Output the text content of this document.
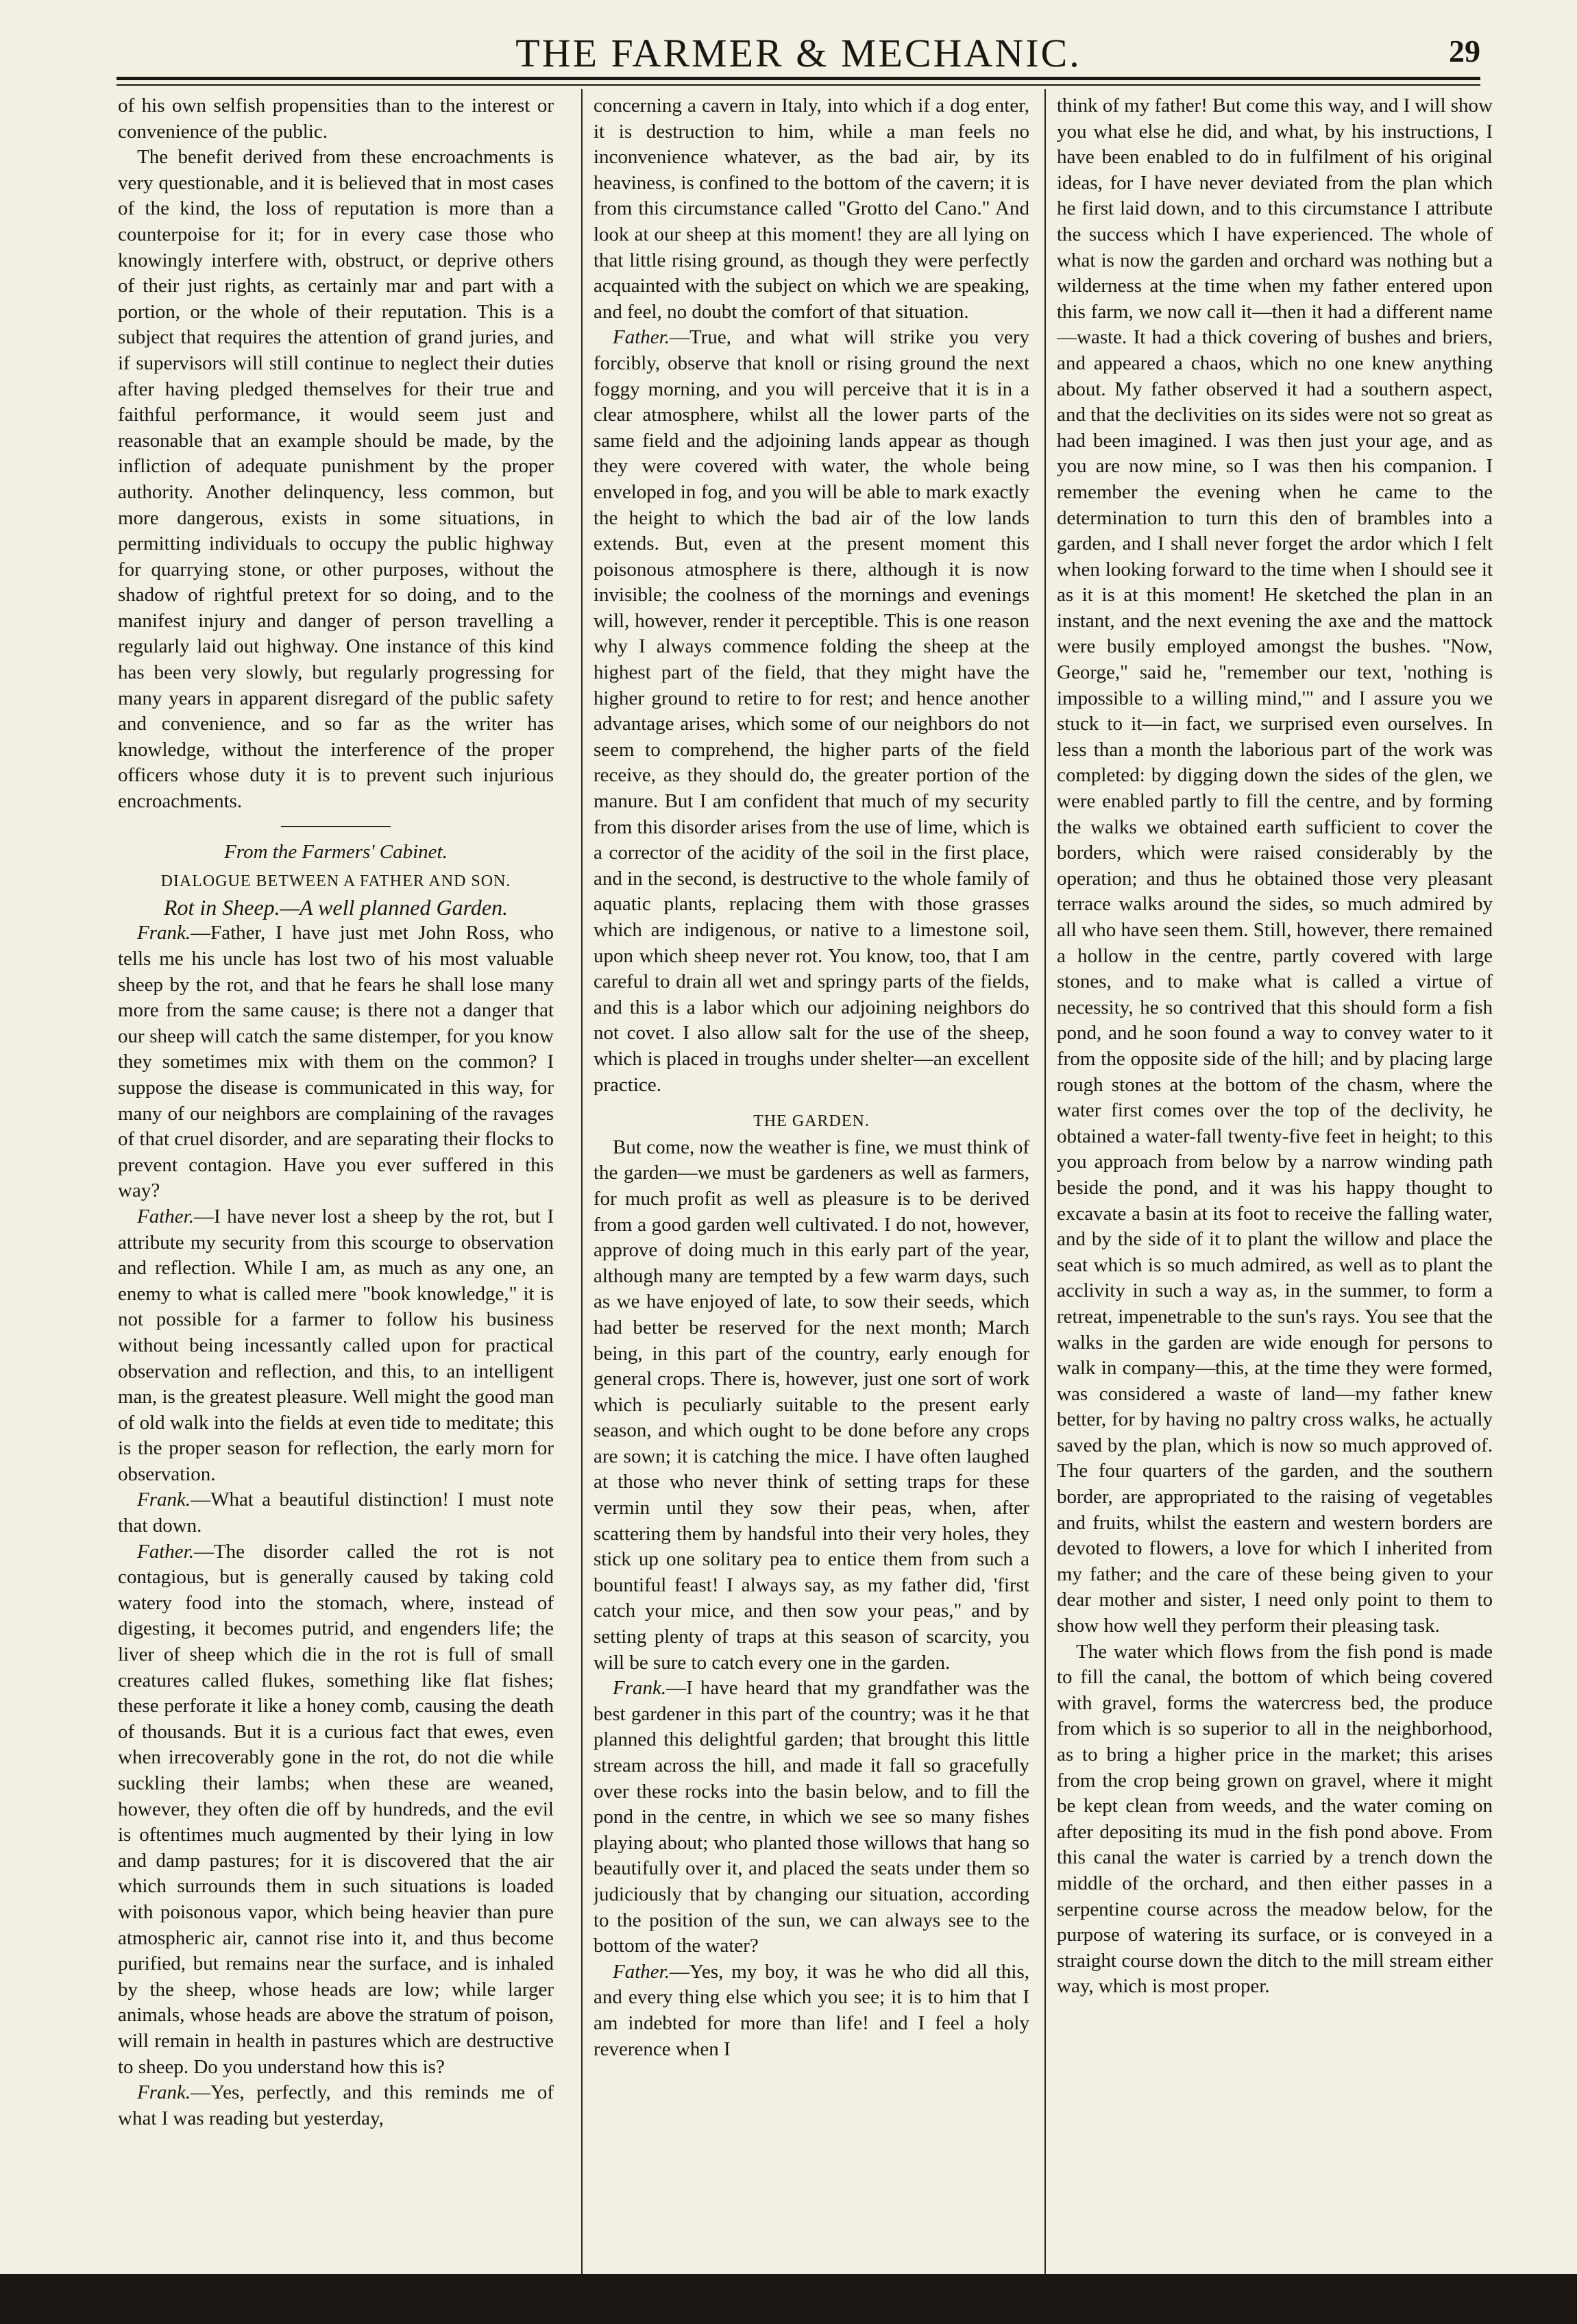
THE FARMER & MECHANIC.	29

of his own selfish propensities than to the interest or convenience of the public.

The benefit derived from these encroachments is very questionable, and it is believed that in most cases of the kind, the loss of reputation is more than a counterpoise for it; for in every case those who knowingly interfere with, obstruct, or deprive others of their just rights, as certainly mar and part with a portion, or the whole of their reputation. This is a subject that requires the attention of grand juries, and if supervisors will still continue to neglect their duties after having pledged themselves for their true and faithful performance, it would seem just and reasonable that an example should be made, by the infliction of adequate punishment by the proper authority. Another delinquency, less common, but more dangerous, exists in some situations, in permitting individuals to occupy the public highway for quarrying stone, or other purposes, without the shadow of rightful pretext for so doing, and to the manifest injury and danger of person travelling a regularly laid out highway. One instance of this kind has been very slowly, but regularly progressing for many years in apparent disregard of the public safety and convenience, and so far as the writer has knowledge, without the interference of the proper officers whose duty it is to prevent such injurious encroachments.

From the Farmers' Cabinet.

DIALOGUE BETWEEN A FATHER AND SON.

Rot in Sheep.—A well planned Garden.

Frank.—Father, I have just met John Ross, who tells me his uncle has lost two of his most valuable sheep by the rot, and that he fears he shall lose many more from the same cause; is there not a danger that our sheep will catch the same distemper, for you know they sometimes mix with them on the common? I suppose the disease is communicated in this way, for many of our neighbors are complaining of the ravages of that cruel disorder, and are separating their flocks to prevent contagion. Have you ever suffered in this way?

Father.—I have never lost a sheep by the rot, but I attribute my security from this scourge to observation and reflection. While I am, as much as any one, an enemy to what is called mere "book knowledge," it is not possible for a farmer to follow his business without being incessantly called upon for practical observation and reflection, and this, to an intelligent man, is the greatest pleasure. Well might the good man of old walk into the fields at even tide to meditate; this is the proper season for reflection, the early morn for observation.

Frank.—What a beautiful distinction! I must note that down.

Father.—The disorder called the rot is not contagious, but is generally caused by taking cold watery food into the stomach, where, instead of digesting, it becomes putrid, and engenders life; the liver of sheep which die in the rot is full of small creatures called flukes, something like flat fishes; these perforate it like a honey comb, causing the death of thousands. But it is a curious fact that ewes, even when irrecoverably gone in the rot, do not die while suckling their lambs; when these are weaned, however, they often die off by hundreds, and the evil is oftentimes much augmented by their lying in low and damp pastures; for it is discovered that the air which surrounds them in such situations is loaded with poisonous vapor, which being heavier than pure atmospheric air, cannot rise into it, and thus become purified, but remains near the surface, and is inhaled by the sheep, whose heads are low; while larger animals, whose heads are above the stratum of poison, will remain in health in pastures which are destructive to sheep. Do you understand how this is?

Frank.—Yes, perfectly, and this reminds me of what I was reading but yesterday,

concerning a cavern in Italy, into which if a dog enter, it is destruction to him, while a man feels no inconvenience whatever, as the bad air, by its heaviness, is confined to the bottom of the cavern; it is from this circumstance called "Grotto del Cano." And look at our sheep at this moment! they are all lying on that little rising ground, as though they were perfectly acquainted with the subject on which we are speaking, and feel, no doubt the comfort of that situation.

Father.—True, and what will strike you very forcibly, observe that knoll or rising ground the next foggy morning, and you will perceive that it is in a clear atmosphere, whilst all the lower parts of the same field and the adjoining lands appear as though they were covered with water, the whole being enveloped in fog, and you will be able to mark exactly the height to which the bad air of the low lands extends. But, even at the present moment this poisonous atmosphere is there, although it is now invisible; the coolness of the mornings and evenings will, however, render it perceptible. This is one reason why I always commence folding the sheep at the highest part of the field, that they might have the higher ground to retire to for rest; and hence another advantage arises, which some of our neighbors do not seem to comprehend, the higher parts of the field receive, as they should do, the greater portion of the manure. But I am confident that much of my security from this disorder arises from the use of lime, which is a corrector of the acidity of the soil in the first place, and in the second, is destructive to the whole family of aquatic plants, replacing them with those grasses which are indigenous, or native to a limestone soil, upon which sheep never rot. You know, too, that I am careful to drain all wet and springy parts of the fields, and this is a labor which our adjoining neighbors do not covet. I also allow salt for the use of the sheep, which is placed in troughs under shelter—an excellent practice.

THE GARDEN.

But come, now the weather is fine, we must think of the garden—we must be gardeners as well as farmers, for much profit as well as pleasure is to be derived from a good garden well cultivated. I do not, however, approve of doing much in this early part of the year, although many are tempted by a few warm days, such as we have enjoyed of late, to sow their seeds, which had better be reserved for the next month; March being, in this part of the country, early enough for general crops. There is, however, just one sort of work which is peculiarly suitable to the present early season, and which ought to be done before any crops are sown; it is catching the mice. I have often laughed at those who never think of setting traps for these vermin until they sow their peas, when, after scattering them by handsful into their very holes, they stick up one solitary pea to entice them from such a bountiful feast! I always say, as my father did, 'first catch your mice, and then sow your peas," and by setting plenty of traps at this season of scarcity, you will be sure to catch every one in the garden.

Frank.—I have heard that my grandfather was the best gardener in this part of the country; was it he that planned this delightful garden; that brought this little stream across the hill, and made it fall so gracefully over these rocks into the basin below, and to fill the pond in the centre, in which we see so many fishes playing about; who planted those willows that hang so beautifully over it, and placed the seats under them so judiciously that by changing our situation, according to the position of the sun, we can always see to the bottom of the water?

Father.—Yes, my boy, it was he who did all this, and every thing else which you see; it is to him that I am indebted for more than life! and I feel a holy reverence when I

think of my father! But come this way, and I will show you what else he did, and what, by his instructions, I have been enabled to do in fulfilment of his original ideas, for I have never deviated from the plan which he first laid down, and to this circumstance I attribute the success which I have experienced. The whole of what is now the garden and orchard was nothing but a wilderness at the time when my father entered upon this farm, we now call it—then it had a different name—waste. It had a thick covering of bushes and briers, and appeared a chaos, which no one knew anything about. My father observed it had a southern aspect, and that the declivities on its sides were not so great as had been imagined. I was then just your age, and as you are now mine, so I was then his companion. I remember the evening when he came to the determination to turn this den of brambles into a garden, and I shall never forget the ardor which I felt when looking forward to the time when I should see it as it is at this moment! He sketched the plan in an instant, and the next evening the axe and the mattock were busily employed amongst the bushes. "Now, George," said he, "remember our text, 'nothing is impossible to a willing mind,'" and I assure you we stuck to it—in fact, we surprised even ourselves. In less than a month the laborious part of the work was completed: by digging down the sides of the glen, we were enabled partly to fill the centre, and by forming the walks we obtained earth sufficient to cover the borders, which were raised considerably by the operation; and thus he obtained those very pleasant terrace walks around the sides, so much admired by all who have seen them. Still, however, there remained a hollow in the centre, partly covered with large stones, and to make what is called a virtue of necessity, he so contrived that this should form a fish pond, and he soon found a way to convey water to it from the opposite side of the hill; and by placing large rough stones at the bottom of the chasm, where the water first comes over the top of the declivity, he obtained a water-fall twenty-five feet in height; to this you approach from below by a narrow winding path beside the pond, and it was his happy thought to excavate a basin at its foot to receive the falling water, and by the side of it to plant the willow and place the seat which is so much admired, as well as to plant the acclivity in such a way as, in the summer, to form a retreat, impenetrable to the sun's rays. You see that the walks in the garden are wide enough for persons to walk in company—this, at the time they were formed, was considered a waste of land—my father knew better, for by having no paltry cross walks, he actually saved by the plan, which is now so much approved of. The four quarters of the garden, and the southern border, are appropriated to the raising of vegetables and fruits, whilst the eastern and western borders are devoted to flowers, a love for which I inherited from my father; and the care of these being given to your dear mother and sister, I need only point to them to show how well they perform their pleasing task.

The water which flows from the fish pond is made to fill the canal, the bottom of which being covered with gravel, forms the watercress bed, the produce from which is so superior to all in the neighborhood, as to bring a higher price in the market; this arises from the crop being grown on gravel, where it might be kept clean from weeds, and the water coming on after depositing its mud in the fish pond above. From this canal the water is carried by a trench down the middle of the orchard, and then either passes in a serpentine course across the meadow below, for the purpose of watering its surface, or is conveyed in a straight course down the ditch to the mill stream either way, which is most proper.
